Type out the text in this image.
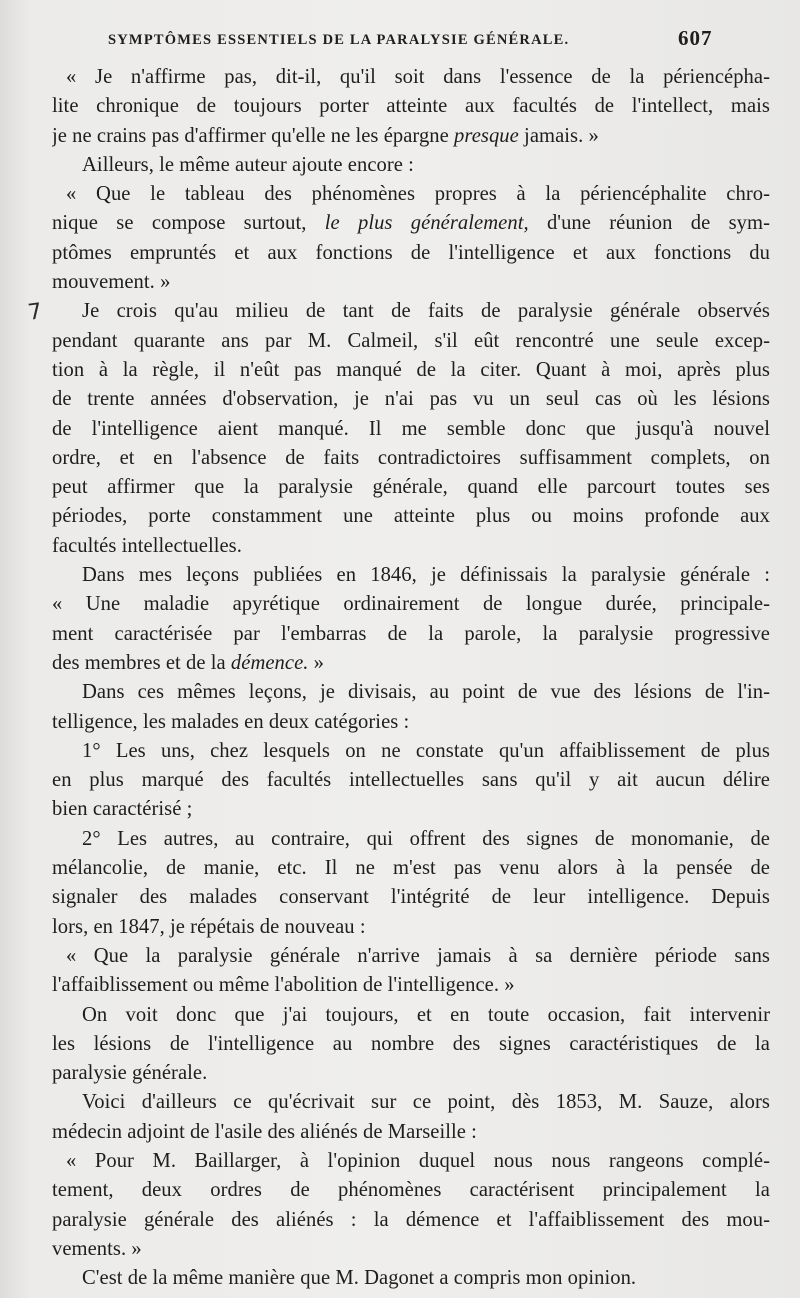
SYMPTÔMES ESSENTIELS DE LA PARALYSIE GÉNÉRALE.	607
7
« Je n'affirme pas, dit-il, qu'il soit dans l'essence de la périencépha-
lite chronique de toujours porter atteinte aux facultés de l'intellect, mais
je ne crains pas d'affirmer qu'elle ne les épargne presque jamais. »
Ailleurs, le même auteur ajoute encore :
« Que le tableau des phénomènes propres à la périencéphalite chro-
nique se compose surtout, le plus généralement, d'une réunion de sym-
ptômes empruntés et aux fonctions de l'intelligence et aux fonctions du
mouvement. »
Je crois qu'au milieu de tant de faits de paralysie générale observés
pendant quarante ans par M. Calmeil, s'il eût rencontré une seule excep-
tion à la règle, il n'eût pas manqué de la citer. Quant à moi, après plus
de trente années d'observation, je n'ai pas vu un seul cas où les lésions
de l'intelligence aient manqué. Il me semble donc que jusqu'à nouvel
ordre, et en l'absence de faits contradictoires suffisamment complets, on
peut affirmer que la paralysie générale, quand elle parcourt toutes ses
périodes, porte constamment une atteinte plus ou moins profonde aux
facultés intellectuelles.
Dans mes leçons publiées en 1846, je définissais la paralysie générale :
« Une maladie apyrétique ordinairement de longue durée, principale-
ment caractérisée par l'embarras de la parole, la paralysie progressive
des membres et de la démence. »
Dans ces mêmes leçons, je divisais, au point de vue des lésions de l'in-
telligence, les malades en deux catégories :
1° Les uns, chez lesquels on ne constate qu'un affaiblissement de plus
en plus marqué des facultés intellectuelles sans qu'il y ait aucun délire
bien caractérisé ;
2° Les autres, au contraire, qui offrent des signes de monomanie, de
mélancolie, de manie, etc. Il ne m'est pas venu alors à la pensée de
signaler des malades conservant l'intégrité de leur intelligence. Depuis
lors, en 1847, je répétais de nouveau :
« Que la paralysie générale n'arrive jamais à sa dernière période sans
l'affaiblissement ou même l'abolition de l'intelligence. »
On voit donc que j'ai toujours, et en toute occasion, fait intervenir
les lésions de l'intelligence au nombre des signes caractéristiques de la
paralysie générale.
Voici d'ailleurs ce qu'écrivait sur ce point, dès 1853, M. Sauze, alors
médecin adjoint de l'asile des aliénés de Marseille :
« Pour M. Baillarger, à l'opinion duquel nous nous rangeons complé-
tement, deux ordres de phénomènes caractérisent principalement la
paralysie générale des aliénés : la démence et l'affaiblissement des mou-
vements. »
C'est de la même manière que M. Dagonet a compris mon opinion.
